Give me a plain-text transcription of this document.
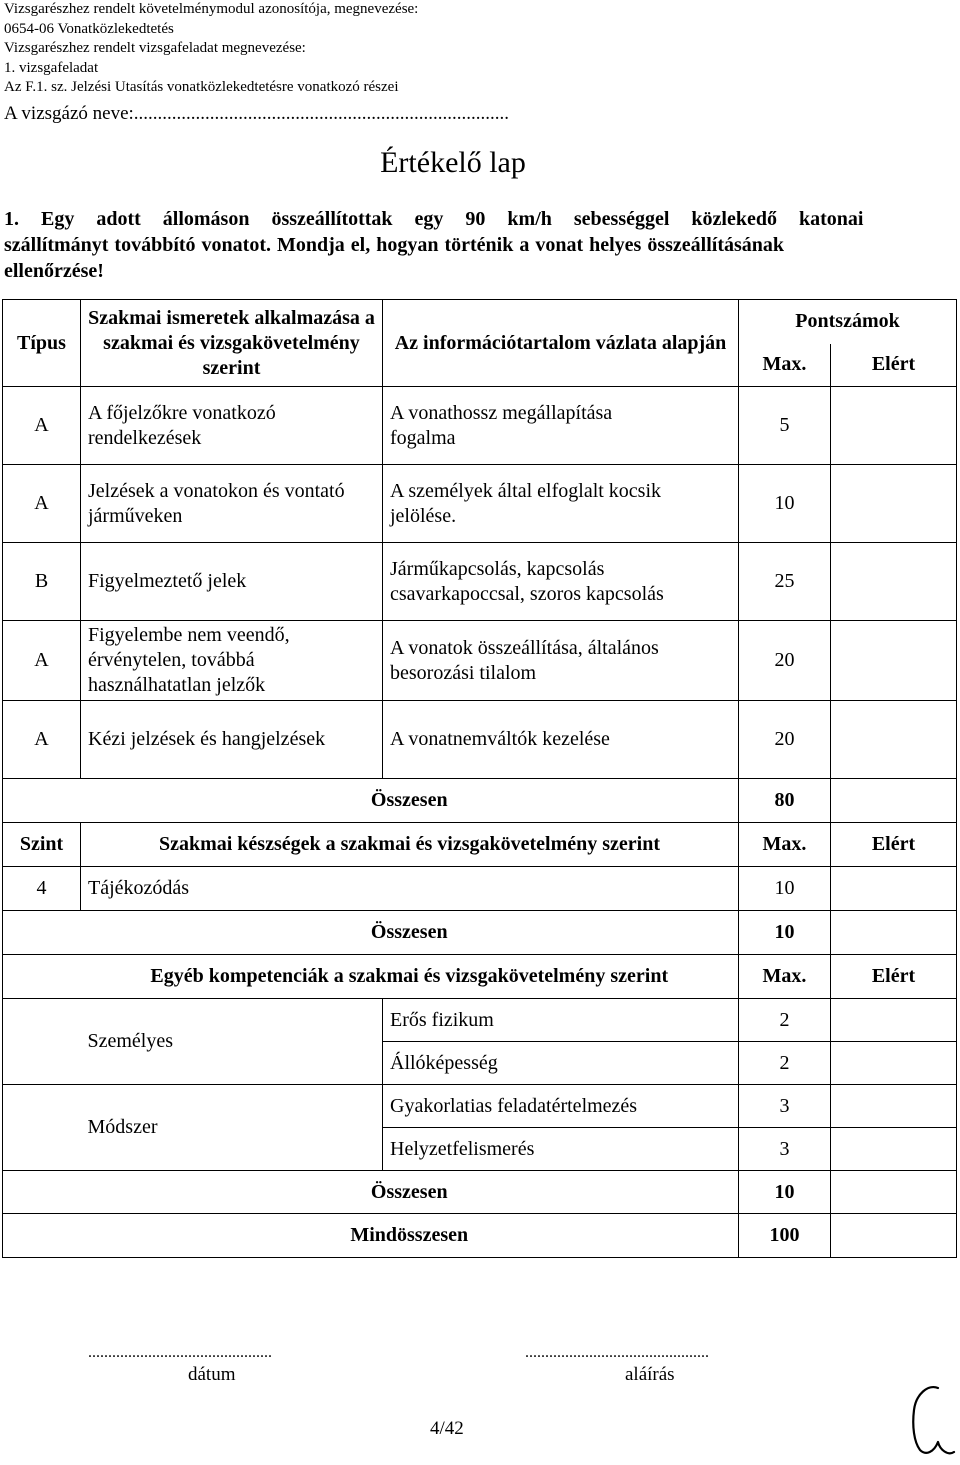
Vizsgarészhez rendelt követelménymodul azonosítója, megnevezése:
0654-06 Vonatközlekedtetés
Vizsgarészhez rendelt vizsgafeladat megnevezése:
1. vizsgafeladat
Az F.1. sz. Jelzési Utasítás vonatközlekedtetésre vonatkozó részei
A vizsgázó neve:...............................................................................
Értékelő lap
1.  Egy  adott  állomáson  összeállítottak  egy  90  km/h  sebességgel  közlekedő  katonai
szállítmányt továbbító vonatot. Mondja el, hogyan történik a vonat helyes összeállításának
ellenőrzése!
Típus	Szakmai ismeretek alkalmazása a szakmai és vizsgakövetelmény szerint	Az információtartalom vázlata alapján	Pontszámok	
			Max.	Elért
A	A főjelzőkre vonatkozó rendelkezések	A vonathossz megállapítása fogalma	5	
A	Jelzések a vonatokon és vontató járműveken	A személyek által elfoglalt kocsik jelölése.	10	
B	Figyelmeztető jelek	Járműkapcsolás, kapcsolás csavarkapoccsal, szoros kapcsolás	25	
A	Figyelembe nem veendő, érvénytelen, továbbá használhatatlan jelzők	A vonatok összeállítása, általános besorozási tilalom	20	
A	Kézi jelzések és hangjelzések	A vonatnemváltók kezelése	20	
	Összesen		80	
Szint	Szakmai készségek a szakmai és vizsgakövetelmény szerint		Max.	Elért
4	Tájékozódás		10	
	Összesen		10	
	Egyéb kompetenciák a szakmai és vizsgakövetelmény szerint		Max.	Elért
	Személyes	Erős fizikum	2	
		Állóképesség	2	
	Módszer	Gyakorlatias feladatértelmezés	3	
		Helyzetfelismerés	3	
	Összesen		10	
	Mindösszesen		100	
..............................................
dátum
..............................................
aláírás
4/42
